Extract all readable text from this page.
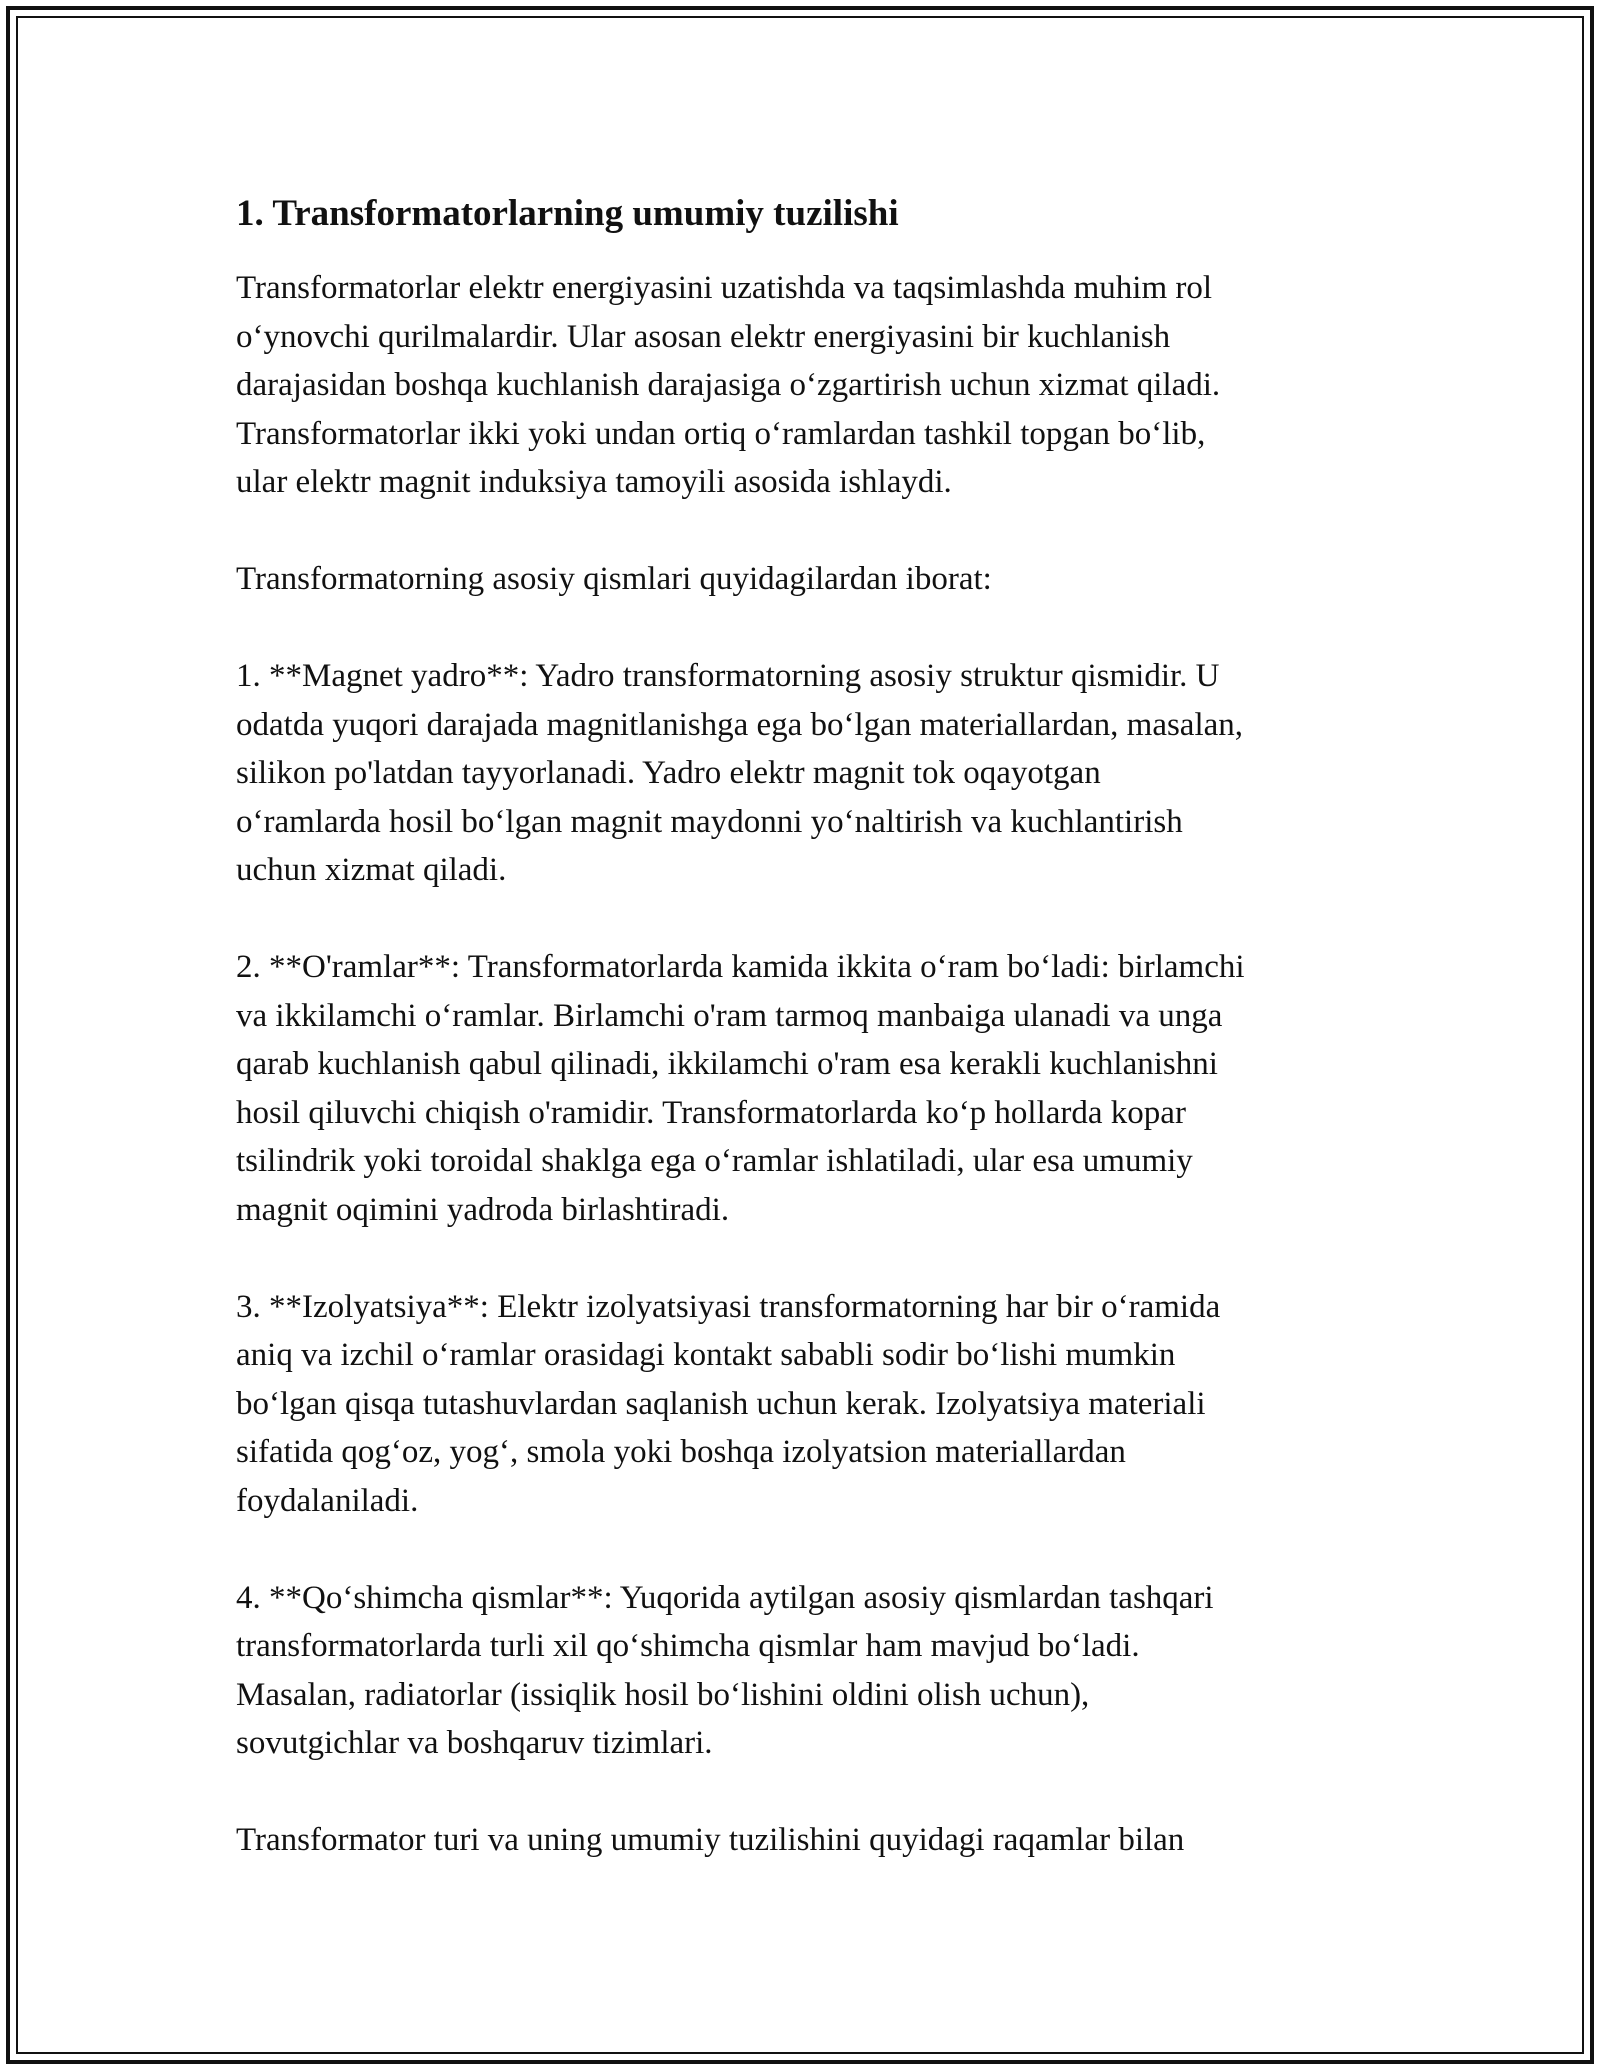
1. Transformatorlarning umumiy tuzilishi

Transformatorlar elektr energiyasini uzatishda va taqsimlashda muhim rol
o‘ynovchi qurilmalardir. Ular asosan elektr energiyasini bir kuchlanish
darajasidan boshqa kuchlanish darajasiga o‘zgartirish uchun xizmat qiladi.
Transformatorlar ikki yoki undan ortiq o‘ramlardan tashkil topgan bo‘lib,
ular elektr magnit induksiya tamoyili asosida ishlaydi.

Transformatorning asosiy qismlari quyidagilardan iborat:

1. **Magnet yadro**: Yadro transformatorning asosiy struktur qismidir. U
odatda yuqori darajada magnitlanishga ega bo‘lgan materiallardan, masalan,
silikon po'latdan tayyorlanadi. Yadro elektr magnit tok oqayotgan
o‘ramlarda hosil bo‘lgan magnit maydonni yo‘naltirish va kuchlantirish
uchun xizmat qiladi.

2. **O'ramlar**: Transformatorlarda kamida ikkita o‘ram bo‘ladi: birlamchi
va ikkilamchi o‘ramlar. Birlamchi o'ram tarmoq manbaiga ulanadi va unga
qarab kuchlanish qabul qilinadi, ikkilamchi o'ram esa kerakli kuchlanishni
hosil qiluvchi chiqish o'ramidir. Transformatorlarda ko‘p hollarda kopar
tsilindrik yoki toroidal shaklga ega o‘ramlar ishlatiladi, ular esa umumiy
magnit oqimini yadroda birlashtiradi.

3. **Izolyatsiya**: Elektr izolyatsiyasi transformatorning har bir o‘ramida
aniq va izchil o‘ramlar orasidagi kontakt sababli sodir bo‘lishi mumkin
bo‘lgan qisqa tutashuvlardan saqlanish uchun kerak. Izolyatsiya materiali
sifatida qog‘oz, yog‘, smola yoki boshqa izolyatsion materiallardan
foydalaniladi.

4. **Qo‘shimcha qismlar**: Yuqorida aytilgan asosiy qismlardan tashqari
transformatorlarda turli xil qo‘shimcha qismlar ham mavjud bo‘ladi.
Masalan, radiatorlar (issiqlik hosil bo‘lishini oldini olish uchun),
sovutgichlar va boshqaruv tizimlari.

Transformator turi va uning umumiy tuzilishini quyidagi raqamlar bilan
